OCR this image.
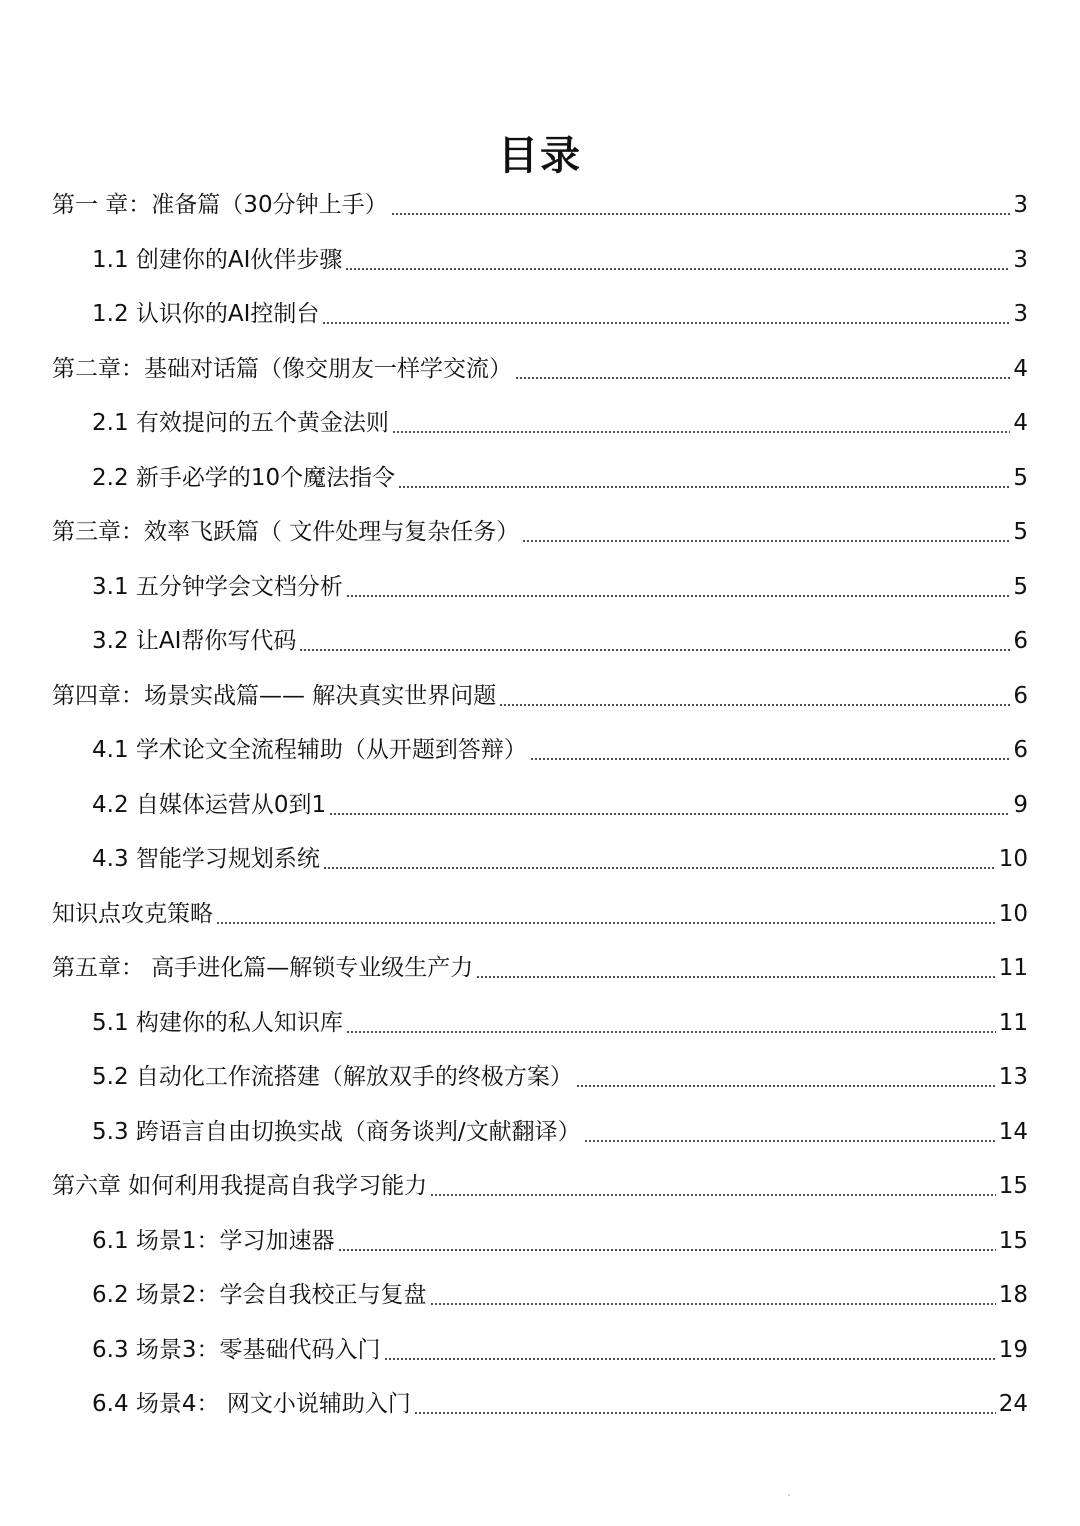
目录
第一 章：准备篇（30分钟上手）	3
1.1 创建你的AI伙伴步骤	3
1.2 认识你的AI控制台	3
第二章：基础对话篇（像交朋友一样学交流）	4
2.1 有效提问的五个黄金法则	4
2.2 新手必学的10个魔法指令	5
第三章：效率飞跃篇（ 文件处理与复杂任务）	5
3.1 五分钟学会文档分析	5
3.2 让AI帮你写代码	6
第四章：场景实战篇—— 解决真实世界问题	6
4.1 学术论文全流程辅助（从开题到答辩）	6
4.2 自媒体运营从0到1	9
4.3 智能学习规划系统	10
知识点攻克策略	10
第五章： 高手进化篇—解锁专业级生产力	11
5.1 构建你的私人知识库	11
5.2 自动化工作流搭建（解放双手的终极方案）	13
5.3 跨语言自由切换实战（商务谈判/文献翻译）	14
第六章 如何利用我提高自我学习能力	15
6.1 场景1：学习加速器	15
6.2 场景2：学会自我校正与复盘	18
6.3 场景3：零基础代码入门	19
6.4 场景4： 网文小说辅助入门	24
